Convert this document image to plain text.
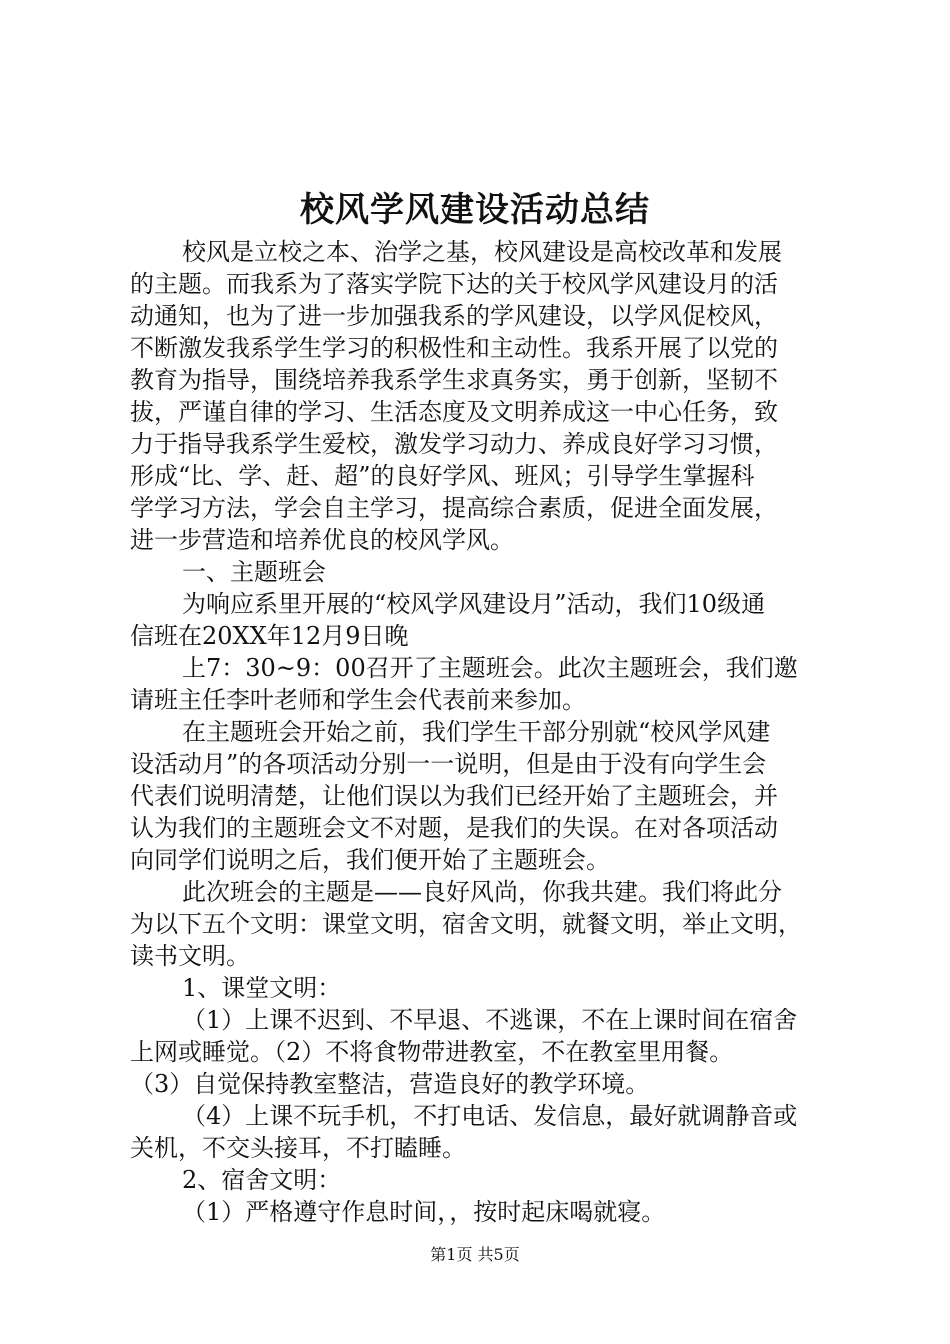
校风学风建设活动总结
校风是立校之本、治学之基，校风建设是高校改革和发展
的主题。而我系为了落实学院下达的关于校风学风建设月的活
动通知，也为了进一步加强我系的学风建设，以学风促校风，
不断激发我系学生学习的积极性和主动性。我系开展了以党的
教育为指导，围绕培养我系学生求真务实，勇于创新，坚韧不
拔，严谨自律的学习、生活态度及文明养成这一中心任务，致
力于指导我系学生爱校，激发学习动力、养成良好学习习惯，
形成“比、学、赶、超”的良好学风、班风；引导学生掌握科
学学习方法，学会自主学习，提高综合素质，促进全面发展，
进一步营造和培养优良的校风学风。
一、主题班会
为响应系里开展的“校风学风建设月”活动，我们10级通
信班在20XX年12月9日晚
上7：30~9：00召开了主题班会。此次主题班会，我们邀
请班主任李叶老师和学生会代表前来参加。
在主题班会开始之前，我们学生干部分别就“校风学风建
设活动月”的各项活动分别一一说明，但是由于没有向学生会
代表们说明清楚，让他们误以为我们已经开始了主题班会，并
认为我们的主题班会文不对题，是我们的失误。在对各项活动
向同学们说明之后，我们便开始了主题班会。
此次班会的主题是——良好风尚，你我共建。我们将此分
为以下五个文明：课堂文明，宿舍文明，就餐文明，举止文明，
读书文明。
1、课堂文明：
（1）上课不迟到、不早退、不逃课，不在上课时间在宿舍
上网或睡觉。（2）不将食物带进教室，不在教室里用餐。
（3）自觉保持教室整洁，营造良好的教学环境。
（4）上课不玩手机，不打电话、发信息，最好就调静音或
关机，不交头接耳，不打瞌睡。
2、宿舍文明：
（1）严格遵守作息时间，，按时起床喝就寝。
第1页 共5页
